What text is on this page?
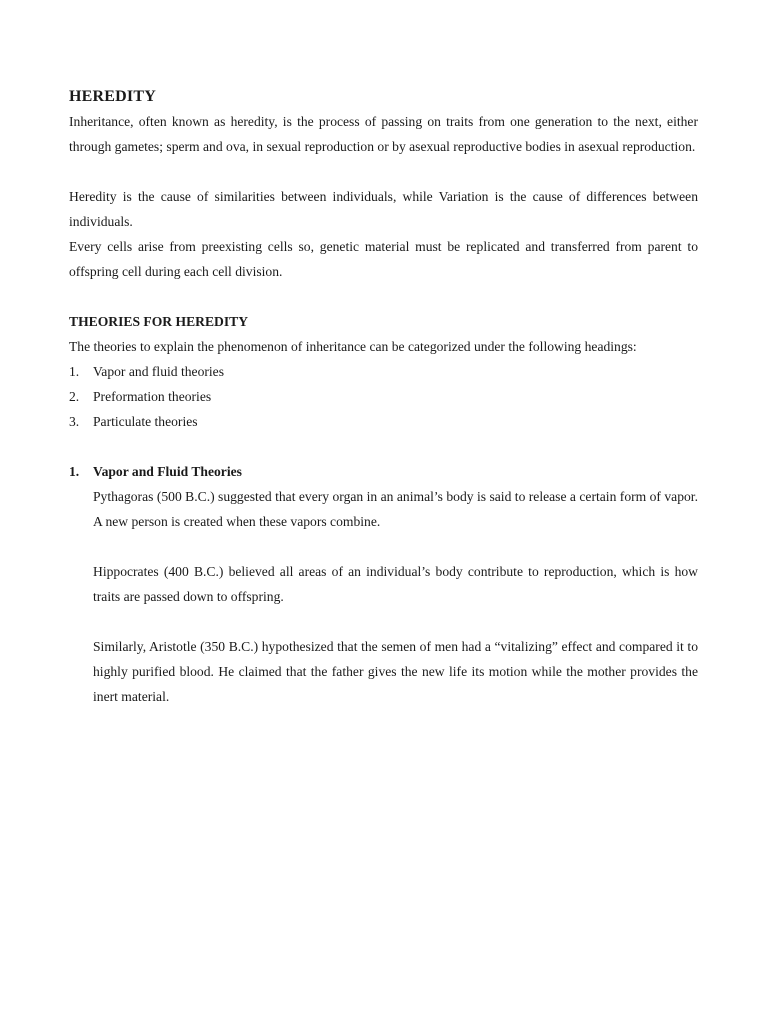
HEREDITY

Inheritance, often known as heredity, is the process of passing on traits from one generation to the next, either through gametes; sperm and ova, in sexual reproduction or by asexual reproductive bodies in asexual reproduction.

Heredity is the cause of similarities between individuals, while Variation is the cause of differences between individuals.

Every cells arise from preexisting cells so, genetic material must be replicated and transferred from parent to offspring cell during each cell division.

THEORIES FOR HEREDITY

The theories to explain the phenomenon of inheritance can be categorized under the following headings:

1.	Vapor and fluid theories
2.	Preformation theories
3.	Particulate theories
1.	Vapor and Fluid Theories

Pythagoras (500 B.C.) suggested that every organ in an animal’s body is said to release a certain form of vapor. A new person is created when these vapors combine.

Hippocrates (400 B.C.) believed all areas of an individual’s body contribute to reproduction, which is how traits are passed down to offspring.

Similarly, Aristotle (350 B.C.) hypothesized that the semen of men had a “vitalizing” effect and compared it to highly purified blood. He claimed that the father gives the new life its motion while the mother provides the inert material.
